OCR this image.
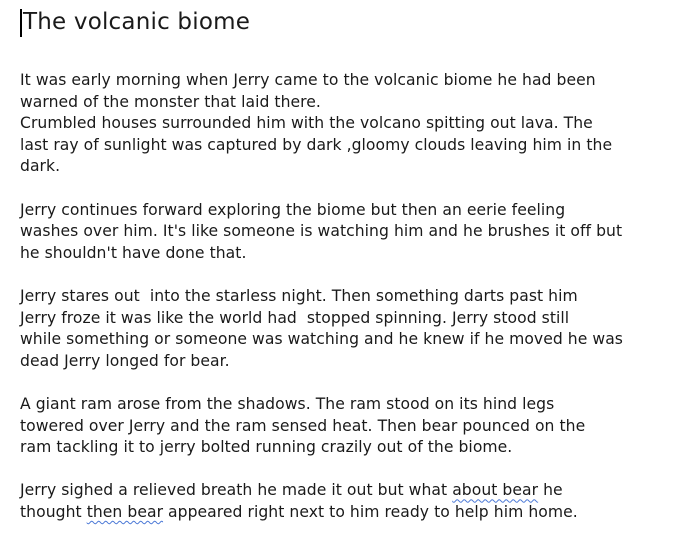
The volcanic biome

It was early morning when Jerry came to the volcanic biome he had been
warned of the monster that laid there.
Crumbled houses surrounded him with the volcano spitting out lava. The
last ray of sunlight was captured by dark ,gloomy clouds leaving him in the
dark.

Jerry continues forward exploring the biome but then an eerie feeling
washes over him. It's like someone is watching him and he brushes it off but
he shouldn't have done that.

Jerry stares out  into the starless night. Then something darts past him
Jerry froze it was like the world had  stopped spinning. Jerry stood still
while something or someone was watching and he knew if he moved he was
dead Jerry longed for bear.

A giant ram arose from the shadows. The ram stood on its hind legs
towered over Jerry and the ram sensed heat. Then bear pounced on the
ram tackling it to jerry bolted running crazily out of the biome.

Jerry sighed a relieved breath he made it out but what about bear he
thought then bear appeared right next to him ready to help him home.
